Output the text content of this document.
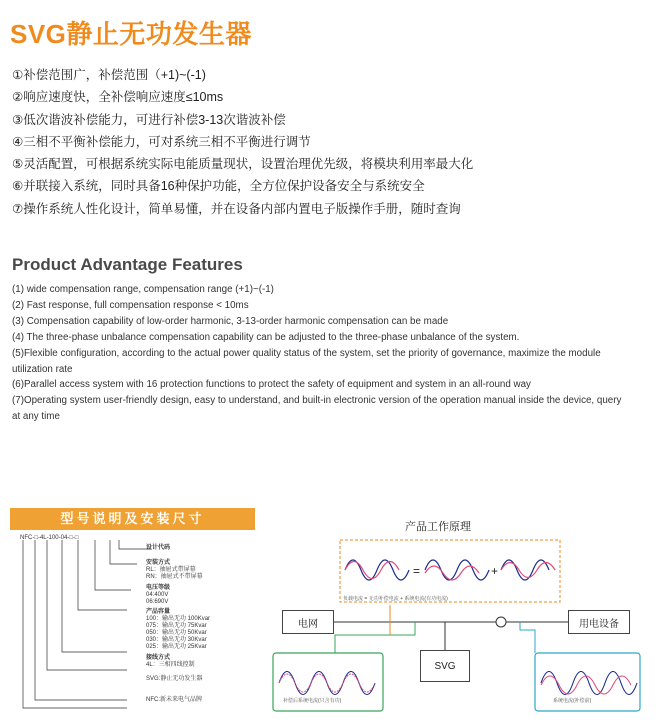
SVG静止无功发生器
①补偿范围广，补偿范围（+1)~(-1)
②响应速度快，全补偿响应速度≤10ms
③低次谐波补偿能力，可进行补偿3-13次谐波补偿
④三相不平衡补偿能力，可对系统三相不平衡进行调节
⑤灵活配置，可根据系统实际电能质量现状，设置治理优先级，将模块利用率最大化
⑥并联接入系统，同时具备16种保护功能，全方位保护设备安全与系统安全
⑦操作系统人性化设计，简单易懂，并在设备内部内置电子版操作手册，随时查询
Product Advantage Features
(1) wide compensation range, compensation range (+1)~(-1)
(2) Fast response, full compensation response < 10ms
(3) Compensation capability of low-order harmonic, 3-13-order harmonic compensation can be made
(4) The three-phase unbalance compensation capability can be adjusted to the three-phase unbalance of the system.
(5)Flexible configuration, according to the actual power quality status of the system, set the priority of governance, maximize the module utilization rate
(6)Parallel access system with 16 protection functions to protect the safety of equipment and system in an all-round way
(7)Operating system user-friendly design, easy to understand, and built-in electronic version of the operation manual inside the device, query at any time
型号说明及安装尺寸
NFC-□-4L-100-04-□-□
设计代码
安装方式
RL：抽屉式带屏幕
RN：抽屉式不带屏幕
电压等级
04:400V
06:690V
产品容量
100：输出无功 100Kvar
075：输出无功 75Kvar
050：输出无功 50Kvar
030：输出无功 30Kvar
025：输出无功 25Kvar
接线方式
4L：三相四线控制
SVG:静止无功发生器
NFC:新未来电气品牌
产品工作原理
=	+
负载电流 = 无功补偿电流 + 系统电流(有功电流)
补偿后系统电流(只含有功)	系统电流(补偿前)
电网	用电设备
SVG
